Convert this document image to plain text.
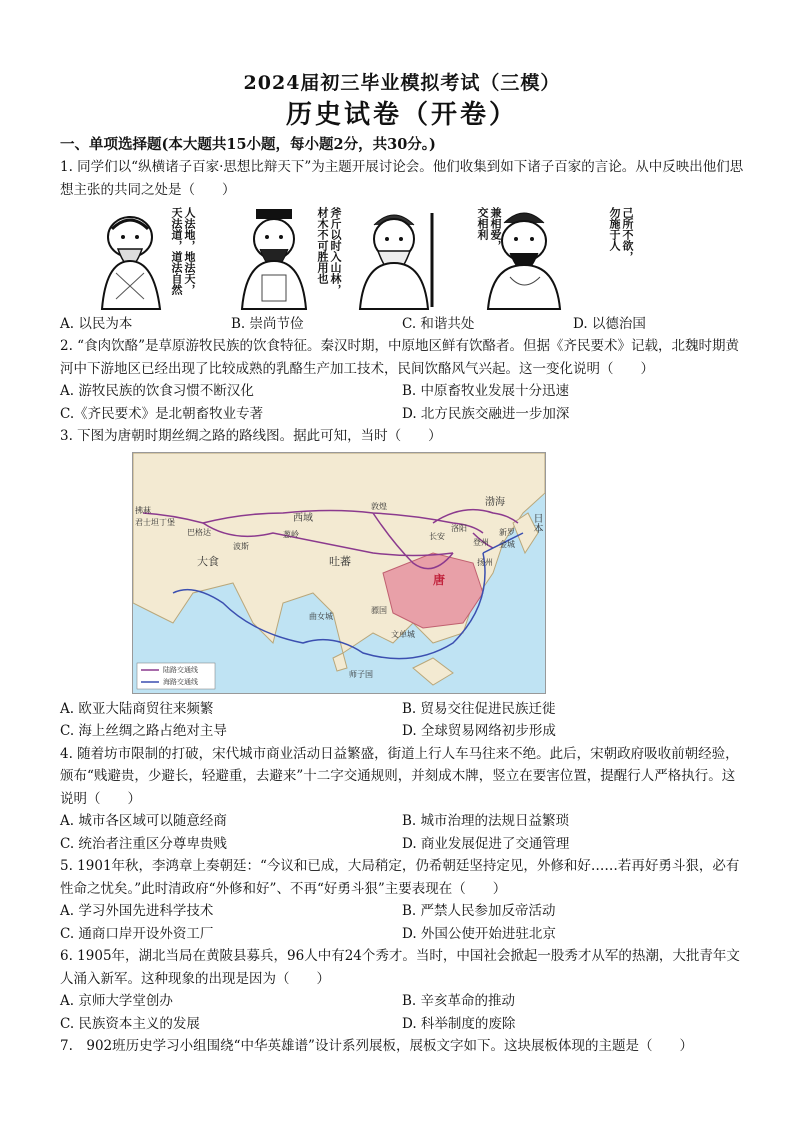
2024届初三毕业模拟考试（三模）
历史试卷（开卷）
一、单项选择题(本大题共15小题，每小题2分，共30分。)

1. 同学们以“纵横诸子百家·思想比辩天下”为主题开展讨论会。他们收集到如下诸子百家的言论。从中反映出他们思想主张的共同之处是（　　）

人法地，地法天，
天法道，道法自然	斧斤以时入山林，
材木不可胜用也	兼相爱，
交相利	己所不欲，
勿施于人
A. 以民为本	B. 崇尚节俭	C. 和谐共处	D. 以德治国

2. “食肉饮酪”是草原游牧民族的饮食特征。秦汉时期，中原地区鲜有饮酪者。但据《齐民要术》记载，北魏时期黄河中下游地区已经出现了比较成熟的乳酪生产加工技术，民间饮酪风气兴起。这一变化说明（　　）

A. 游牧民族的饮食习惯不断汉化	B. 中原畜牧业发展十分迅速
C.《齐民要术》是北朝畜牧业专著	D. 北方民族交融进一步加深

3. 下图为唐朝时期丝绸之路的路线图。据此可知，当时（　　）

拂菻
君士坦丁堡
巴格达
大食
波斯
西域
葱岭
敦煌
吐蕃
长安
洛阳
扬州
登州
唐
曲女城
文单城
骠国
师子国
渤海
日本
新罗
金城
陆路交通线
海路交通线
A. 欧亚大陆商贸往来频繁	B. 贸易交往促进民族迁徙
C. 海上丝绸之路占绝对主导	D. 全球贸易网络初步形成

4. 随着坊市限制的打破，宋代城市商业活动日益繁盛，街道上行人车马往来不绝。此后，宋朝政府吸收前朝经验，颁布“贱避贵，少避长，轻避重，去避来”十二字交通规则，并刻成木牌，竖立在要害位置，提醒行人严格执行。这说明（　　）

A. 城市各区域可以随意经商	B. 城市治理的法规日益繁琐
C. 统治者注重区分尊卑贵贱	D. 商业发展促进了交通管理

5. 1901年秋，李鸿章上奏朝廷：“今议和已成，大局稍定，仍希朝廷坚持定见，外修和好……若再好勇斗狠，必有性命之忧矣。”此时清政府“外修和好”、不再“好勇斗狠”主要表现在（　　）

A. 学习外国先进科学技术	B. 严禁人民参加反帝活动
C. 通商口岸开设外资工厂	D. 外国公使开始进驻北京

6. 1905年，湖北当局在黄陂县募兵，96人中有24个秀才。当时，中国社会掀起一股秀才从军的热潮，大批青年文人涌入新军。这种现象的出现是因为（　　）

A. 京师大学堂创办	B. 辛亥革命的推动
C. 民族资本主义的发展	D. 科举制度的废除

7.　902班历史学习小组围绕“中华英雄谱”设计系列展板，展板文字如下。这块展板体现的主题是（　　）
